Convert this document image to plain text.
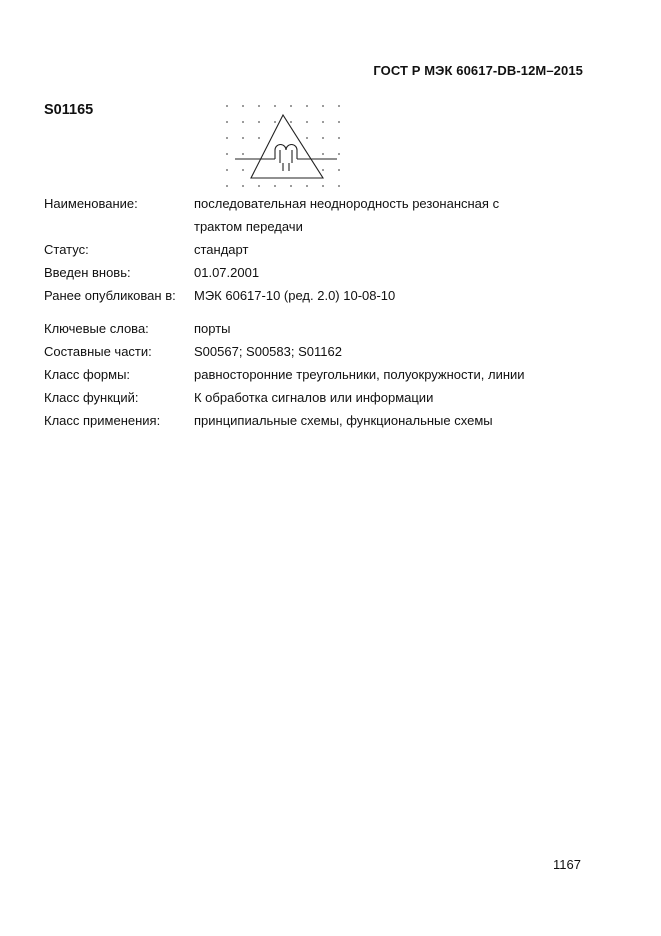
ГОСТ Р МЭК 60617-DB-12M–2015
S01165
Наименование:	последовательная неоднородность резонансная с
трактом передачи
Статус:	стандарт
Введен вновь:	01.07.2001
Ранее опубликован в: МЭК 60617-10 (ред. 2.0) 10-08-10
Ключевые слова:	порты
Составные части:	S00567; S00583; S01162
Класс формы:	равносторонние треугольники, полуокружности, линии
Класс функций:	К обработка сигналов или информации
Класс применения:	принципиальные схемы, функциональные схемы
1167
